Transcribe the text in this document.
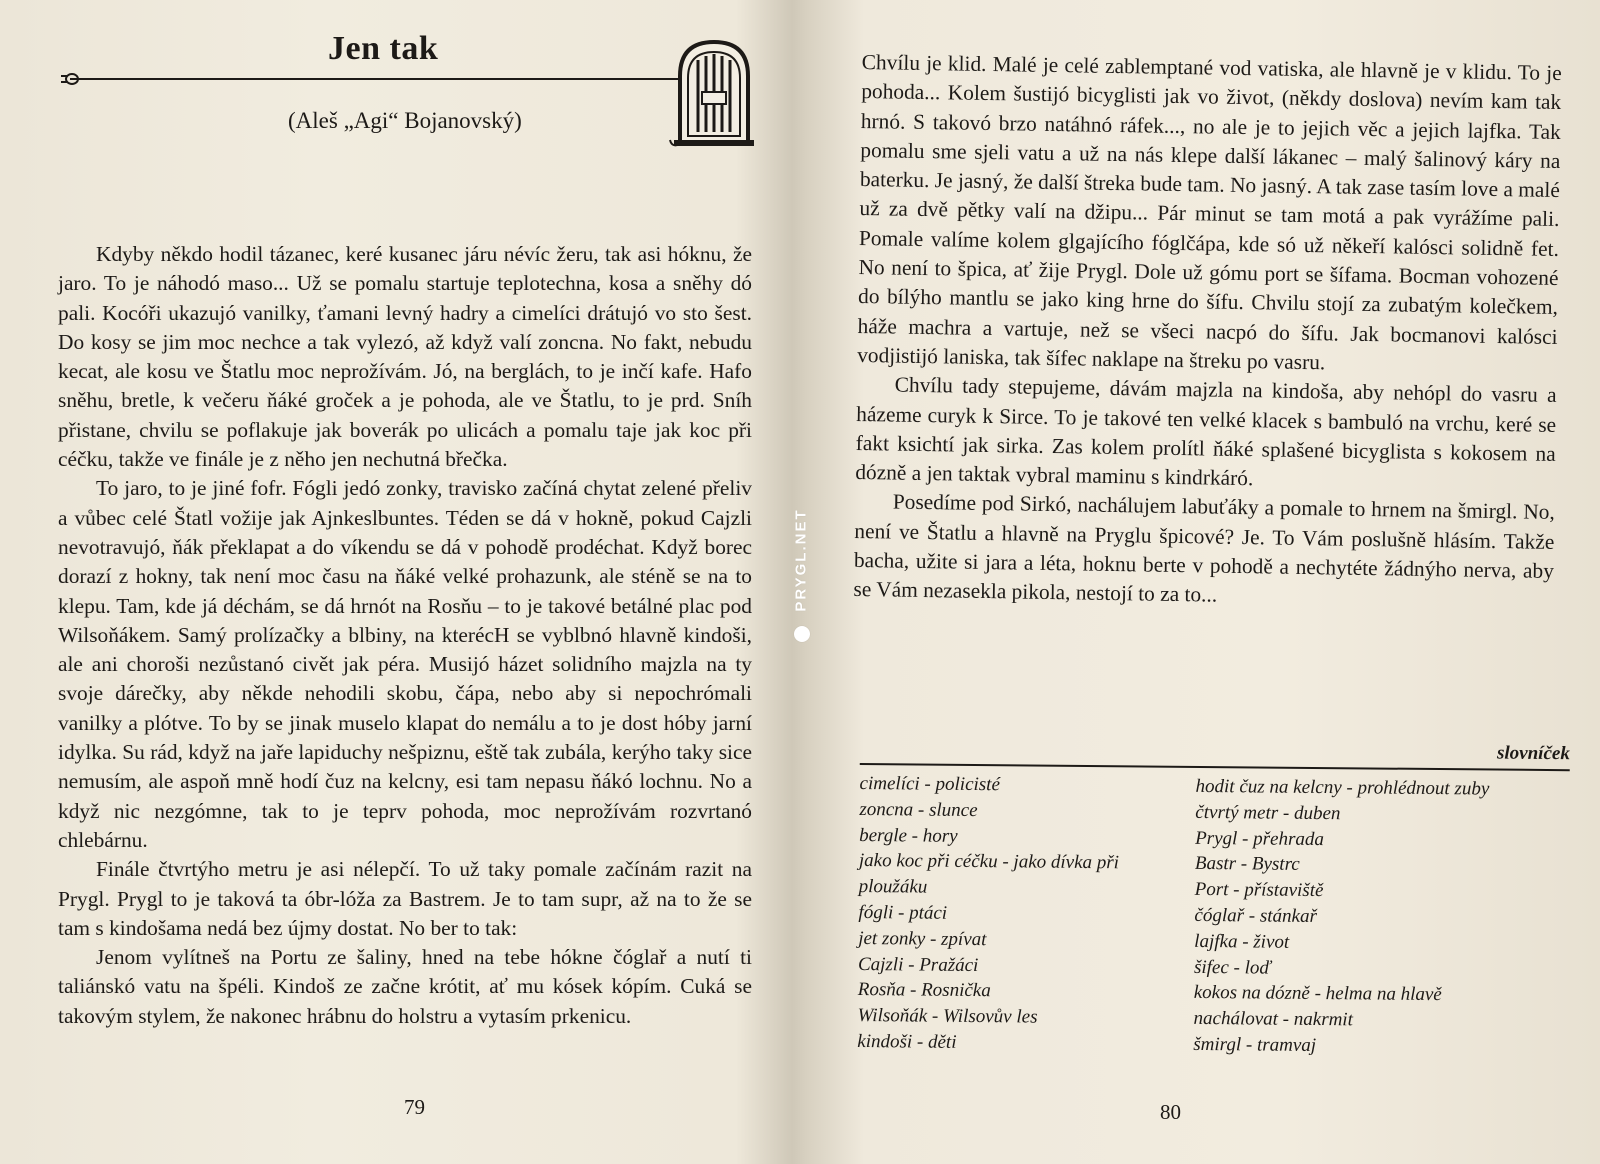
Jen tak

(Aleš „Agi“ Bojanovský)

Kdyby někdo hodil tázanec, keré kusanec járu névíc žeru, tak asi hóknu, že jaro. To je náhodó maso... Už se pomalu startuje teplotechna, kosa a sněhy dó pali. Kocóři ukazujó vanilky, ťamani levný hadry a cimelíci drátujó vo sto šest. Do kosy se jim moc nechce a tak vylezó, až když valí zoncna. No fakt, nebudu kecat, ale kosu ve Štatlu moc neprožívám. Jó, na berglách, to je inčí kafe. Hafo sněhu, bretle, k večeru ňáké groček a je pohoda, ale ve Štatlu, to je prd. Sníh přistane, chvilu se poflakuje jak boverák po ulicách a pomalu taje jak koc při céčku, takže ve finále je z něho jen nechutná břečka.

To jaro, to je jiné fofr. Fógli jedó zonky, travisko začíná chytat zelené přeliv a vůbec celé Štatl vožije jak Ajnkeslbuntes. Téden se dá v hokně, pokud Cajzli nevotravujó, ňák překlapat a do víkendu se dá v pohodě prodéchat. Když borec dorazí z hokny, tak není moc času na ňáké velké prohazunk, ale sténě se na to klepu. Tam, kde já déchám, se dá hrnót na Rosňu – to je takové betálné plac pod Wilsoňákem. Samý prolízačky a blbiny, na kterécH se vyblbnó hlavně kindoši, ale ani choroši nezůstanó civět jak péra. Musijó házet solidního majzla na ty svoje dárečky, aby někde nehodili skobu, čápa, nebo aby si nepochrómali vanilky a plótve. To by se jinak muselo klapat do nemálu a to je dost hóby jarní idylka. Su rád, když na jaře lapiduchy nešpiznu, eště tak zubála, kerýho taky sice nemusím, ale aspoň mně hodí čuz na kelcny, esi tam nepasu ňákó lochnu. No a když nic nezgómne, tak to je teprv pohoda, moc neprožívám rozvrtanó chlebárnu.

Finále čtvrtýho metru je asi nélepčí. To už taky pomale začínám razit na Prygl. Prygl to je taková ta óbr-lóža za Bastrem. Je to tam supr, až na to že se tam s kindošama nedá bez újmy dostat. No ber to tak:

Jenom vylítneš na Portu ze šaliny, hned na tebe hókne čóglař a nutí ti taliánskó vatu na špéli. Kindoš ze začne krótit, ať mu kósek kópím. Cuká se takovým stylem, že nakonec hrábnu do holstru a vytasím prkenicu.

79

PRYGL.NET

Chvílu je klid. Malé je celé zablemptané vod vatiska, ale hlavně je v klidu. To je pohoda... Kolem šustijó bicyglisti jak vo život, (někdy doslova) nevím kam tak hrnó. S takovó brzo natáhnó ráfek..., no ale je to jejich věc a jejich lajfka. Tak pomalu sme sjeli vatu a už na nás klepe další lákanec – malý šalinový káry na baterku. Je jasný, že další štreka bude tam. No jasný. A tak zase tasím love a malé už za dvě pětky valí na džipu... Pár minut se tam motá a pak vyrážíme pali. Pomale valíme kolem glgajícího fóglčápa, kde só už někeří kalósci solidně fet. No není to špica, ať žije Prygl. Dole už gómu port se šífama. Bocman vohozené do bílýho mantlu se jako king hrne do šífu. Chvilu stojí za zubatým kolečkem, háže machra a vartuje, než se všeci nacpó do šífu. Jak bocmanovi kalósci vodjistijó laniska, tak šífec naklape na štreku po vasru.

Chvílu tady stepujeme, dávám majzla na kindoša, aby nehópl do vasru a házeme curyk k Sirce. To je takové ten velké klacek s bambuló na vrchu, keré se fakt ksichtí jak sirka. Zas kolem prolítl ňáké splašené bicyglista s kokosem na dózně a jen taktak vybral maminu s kindrkáró.

Posedíme pod Sirkó, nachálujem labuťáky a pomale to hrnem na šmirgl. No, není ve Štatlu a hlavně na Pryglu špicové? Je. To Vám poslušně hlásím. Takže bacha, užite si jara a léta, hoknu berte v pohodě a nechytéte žádnýho nerva, aby se Vám nezasekla pikola, nestojí to za to...

slovníček

cimelíci - policisté
zoncna - slunce
bergle - hory
jako koc při céčku - jako dívka při ploužáku
fógli - ptáci
jet zonky - zpívat
Cajzli - Pražáci
Rosňa - Rosnička
Wilsoňák - Wilsovův les
kindoši - děti
hodit čuz na kelcny - prohlédnout zuby
čtvrtý metr - duben
Prygl - přehrada
Bastr - Bystrc
Port - přístaviště
čóglař - stánkař
lajfka - život
šifec - loď
kokos na dózně - helma na hlavě
nachálovat - nakrmit
šmirgl - tramvaj

80
